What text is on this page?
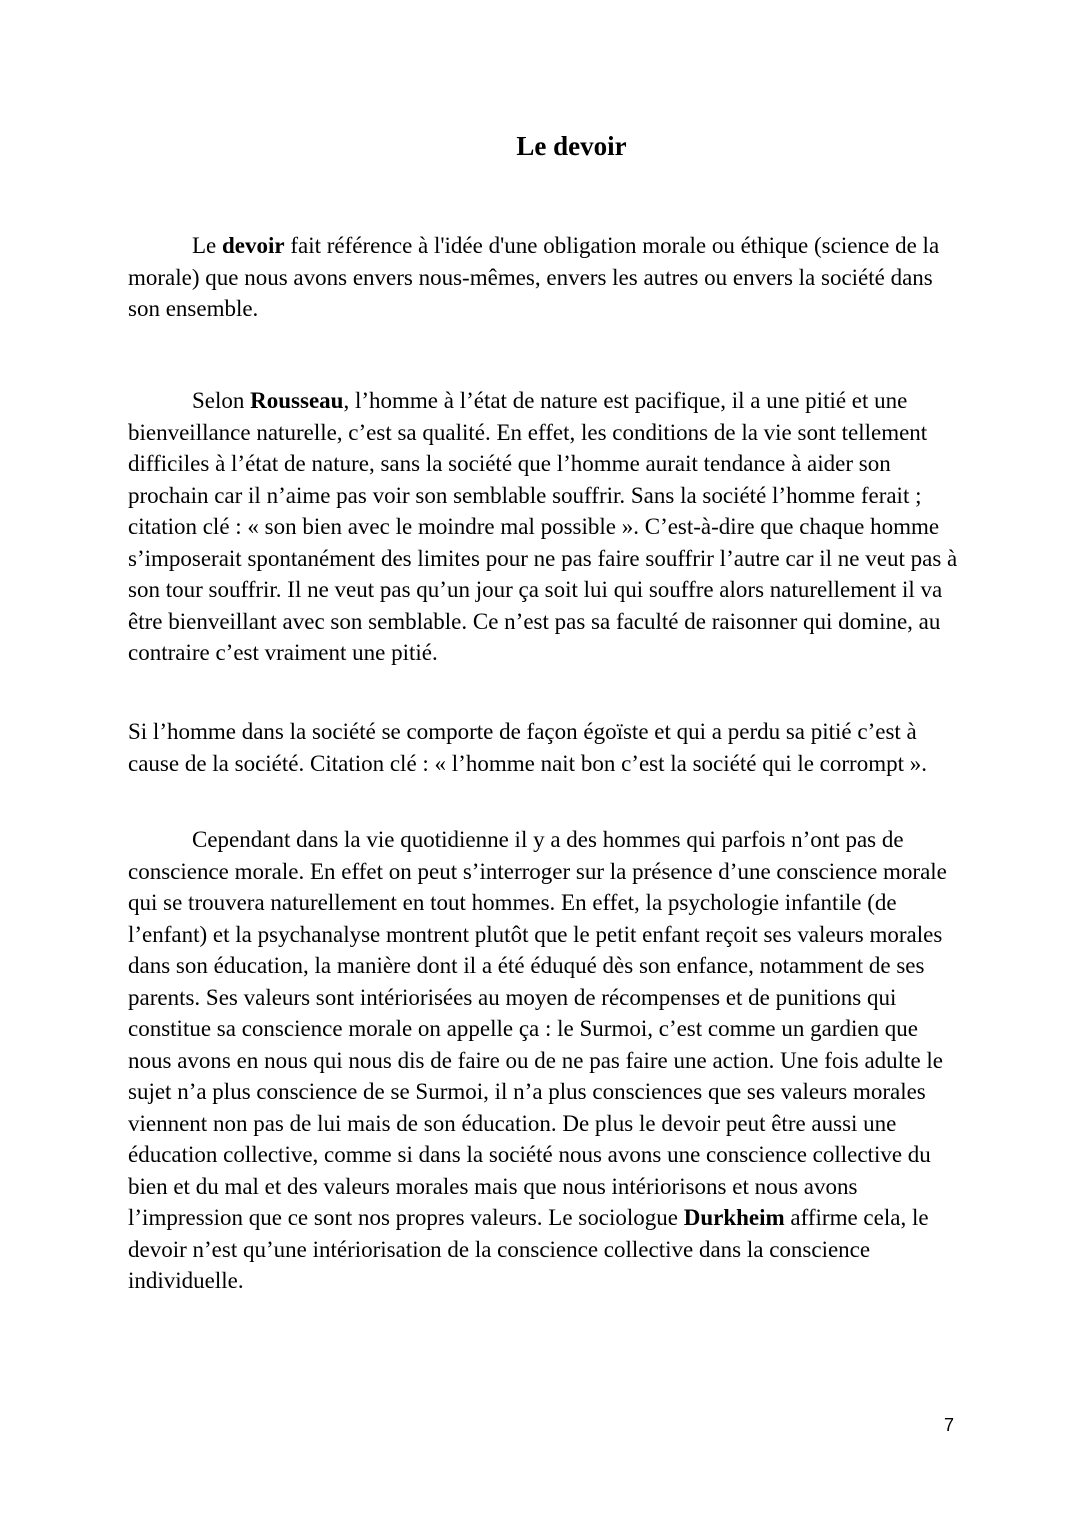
Le devoir

Le devoir fait référence à l'idée d'une obligation morale ou éthique (science de la morale) que nous avons envers nous-mêmes, envers les autres ou envers la société dans son ensemble.

Selon Rousseau, l’homme à l’état de nature est pacifique, il a une pitié et une bienveillance naturelle, c’est sa qualité. En effet, les conditions de la vie sont tellement difficiles à l’état de nature, sans la société que l’homme aurait tendance à aider son prochain car il n’aime pas voir son semblable souffrir. Sans la société l’homme ferait ; citation clé : « son bien avec le moindre mal possible ». C’est-à-dire que chaque homme s’imposerait spontanément des limites pour ne pas faire souffrir l’autre car il ne veut pas à son tour souffrir. Il ne veut pas qu’un jour ça soit lui qui souffre alors naturellement il va être bienveillant avec son semblable. Ce n’est pas sa faculté de raisonner qui domine, au contraire c’est vraiment une pitié.

Si l’homme dans la société se comporte de façon égoïste et qui a perdu sa pitié c’est à cause de la société. Citation clé : « l’homme nait bon c’est la société qui le corrompt ».

Cependant dans la vie quotidienne il y a des hommes qui parfois n’ont pas de conscience morale. En effet on peut s’interroger sur la présence d’une conscience morale qui se trouvera naturellement en tout hommes. En effet, la psychologie infantile (de l’enfant) et la psychanalyse montrent plutôt que le petit enfant reçoit ses valeurs morales dans son éducation, la manière dont il a été éduqué dès son enfance, notamment de ses parents. Ses valeurs sont intériorisées au moyen de récompenses et de punitions qui constitue sa conscience morale on appelle ça : le Surmoi, c’est comme un gardien que nous avons en nous qui nous dis de faire ou de ne pas faire une action. Une fois adulte le sujet n’a plus conscience de se Surmoi, il n’a plus consciences que ses valeurs morales viennent non pas de lui mais de son éducation. De plus le devoir peut être aussi une éducation collective, comme si dans la société nous avons une conscience collective du bien et du mal et des valeurs morales mais que nous intériorisons et nous avons l’impression que ce sont nos propres valeurs. Le sociologue Durkheim affirme cela, le devoir n’est qu’une intériorisation de la conscience collective dans la conscience individuelle.

7
